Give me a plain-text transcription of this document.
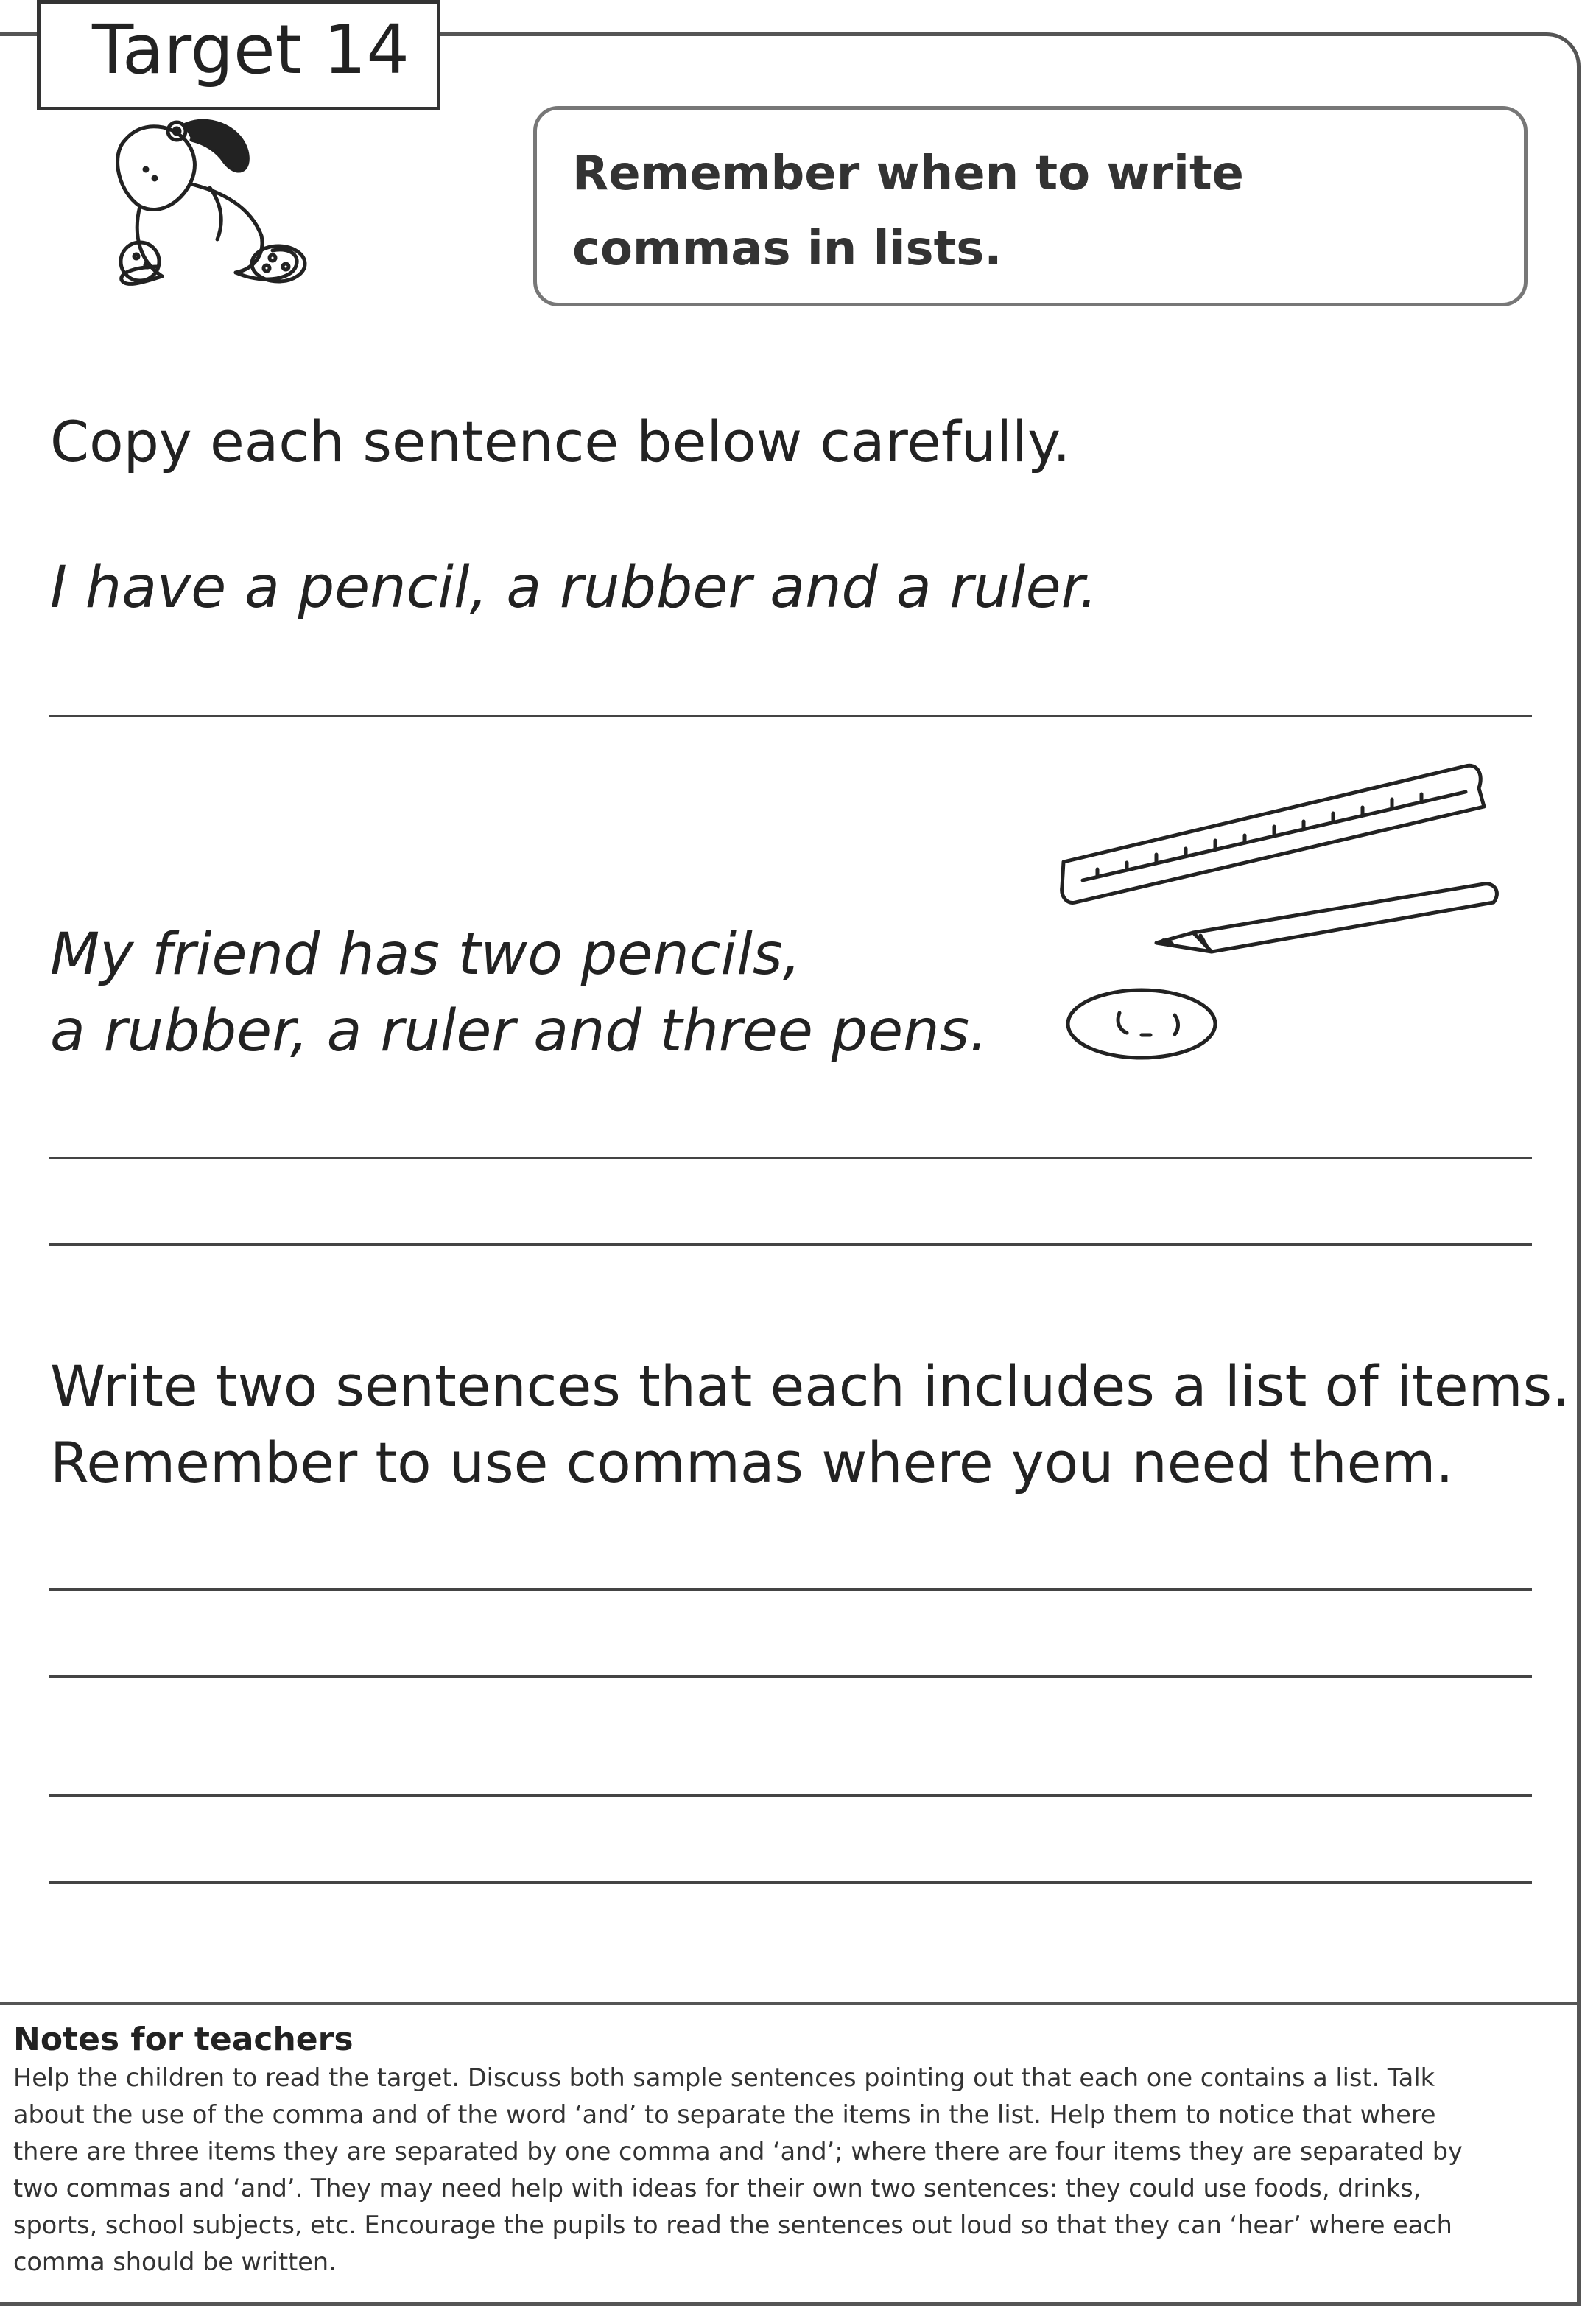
Target 14
Remember when to write
commas in lists.
Copy each sentence below carefully.
I have a pencil, a rubber and a ruler.
My friend has two pencils,
a rubber, a ruler and three pens.
Write two sentences that each includes a list of items.
Remember to use commas where you need them.
Notes for teachers
Help the children to read the target. Discuss both sample sentences pointing out that each one contains a list. Talk
about the use of the comma and of the word ‘and’ to separate the items in the list. Help them to notice that where
there are three items they are separated by one comma and ‘and’; where there are four items they are separated by
two commas and ‘and’. They may need help with ideas for their own two sentences: they could use foods, drinks,
sports, school subjects, etc. Encourage the pupils to read the sentences out loud so that they can ‘hear’ where each
comma should be written.
